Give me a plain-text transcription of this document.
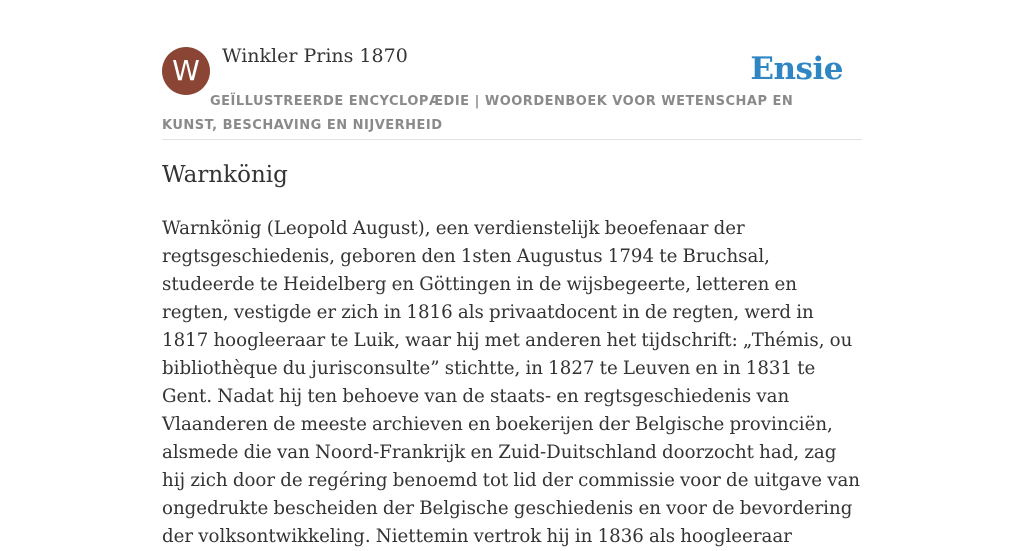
W	Winkler Prins 1870	Ensie
GEÏLLUSTREERDE ENCYCLOPÆDIE | WOORDENBOEK VOOR WETENSCHAP EN KUNST, BESCHAVING EN NIJVERHEID
Warnkönig

Warnkönig (Leopold August), een verdienstelijk beoefenaar der regtsgeschiedenis, geboren den 1sten Augustus 1794 te Bruchsal, studeerde te Heidelberg en Göttingen in de wijsbegeerte, letteren en regten, vestigde er zich in 1816 als privaatdocent in de regten, werd in 1817 hoogleeraar te Luik, waar hij met anderen het tijdschrift: „Thémis, ou bibliothèque du jurisconsulte” stichtte, in 1827 te Leuven en in 1831 te Gent. Nadat hij ten behoeve van de staats- en regtsgeschiedenis van Vlaanderen de meeste archieven en boekerijen der Belgische provinciën, alsmede die van Noord-Frankrijk en Zuid-Duitschland doorzocht had, zag hij zich door de regéring benoemd tot lid der commissie voor de uitgave van ongedrukte bescheiden der Belgische geschiedenis en voor de bevordering der volksontwikkeling. Niettemin vertrok hij in 1836 als hoogleeraar
